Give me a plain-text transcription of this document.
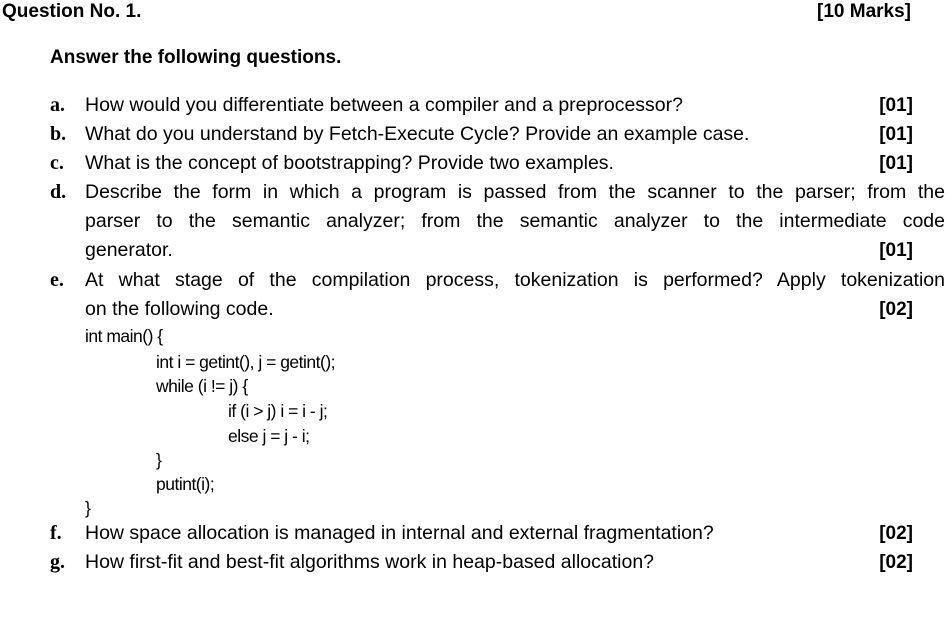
Question No. 1.	[10 Marks]
Answer the following questions.
a. How would you differentiate between a compiler and a preprocessor?	[01]
b. What do you understand by Fetch-Execute Cycle? Provide an example case.	[01]
c. What is the concept of bootstrapping? Provide two examples.	[01]
d. Describe the form in which a program is passed from the scanner to the parser; from the
parser to the semantic analyzer; from the semantic analyzer to the intermediate code
generator.	[01]
e. At what stage of the compilation process, tokenization is performed? Apply tokenization
on the following code.	[02]
int main() {
int i = getint(), j = getint();
while (i != j) {
if (i > j) i = i - j;
else j = j - i;
}
putint(i);
}
f. How space allocation is managed in internal and external fragmentation?	[02]
g. How first-fit and best-fit algorithms work in heap-based allocation?	[02]
